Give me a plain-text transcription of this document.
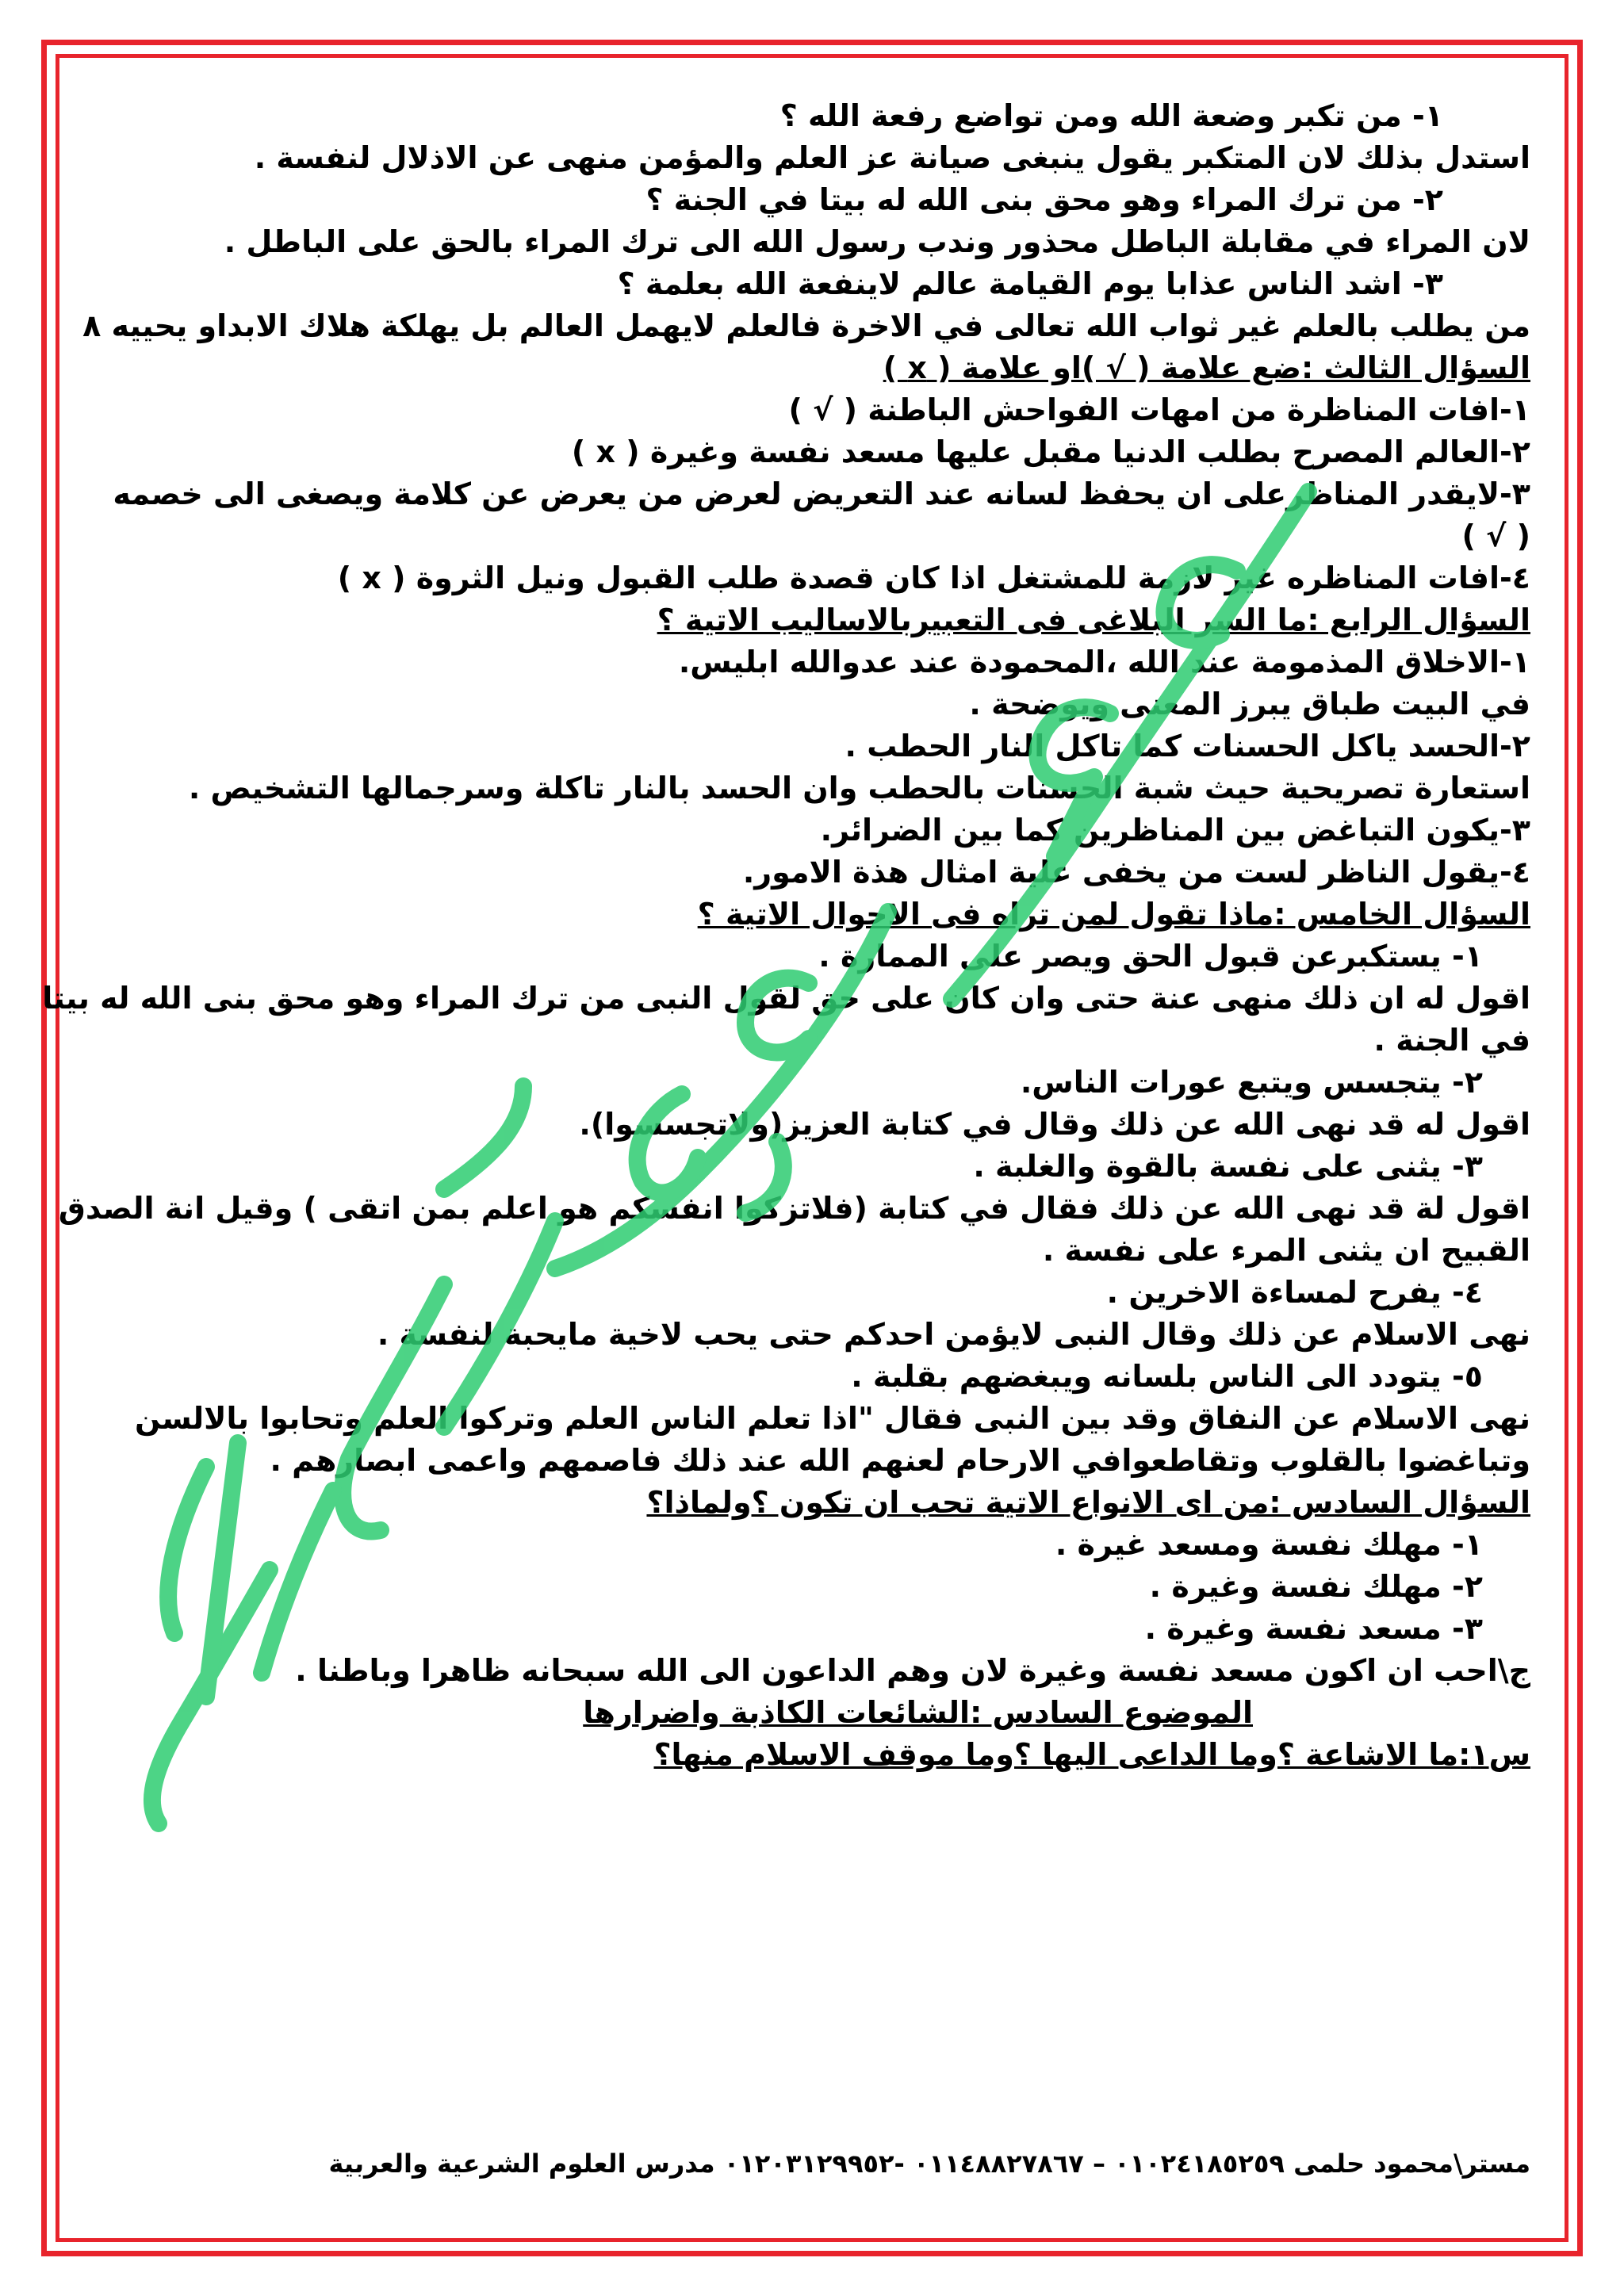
١- من تكبر وضعة الله ومن تواضع رفعة الله ؟
استدل بذلك لان المتكبر يقول ينبغى صيانة عز العلم والمؤمن منهى عن الاذلال لنفسة .
٢- من ترك المراء وهو محق بنى الله له بيتا في الجنة ؟
لان المراء في مقابلة الباطل محذور وندب رسول الله الى ترك المراء بالحق على الباطل .
٣- اشد الناس عذابا يوم القيامة عالم لاينفعة الله بعلمة ؟
من يطلب بالعلم غير ثواب الله تعالى في الاخرة فالعلم لايهمل العالم بل يهلكة هلاك الابداو يحييه ٨
السؤال الثالث :ضع علامة ( √ )او علامة ( x )
١-افات المناظرة من امهات الفواحش الباطنة ( √ )
٢-العالم المصرح بطلب الدنيا مقبل عليها مسعد نفسة وغيرة ( x )
٣-لايقدر المناظرعلى ان يحفظ لسانه عند التعريض لعرض من يعرض عن كلامة ويصغى الى خصمه
( √ )
٤-افات المناظره غير لازمة للمشتغل اذا كان قصدة طلب القبول ونيل الثروة ( x )
السؤال الرابع :ما السر البلاغى فى التعبيربالاساليب الاتية ؟
١-الاخلاق المذمومة عند الله ،المحمودة عند عدوالله ابليس.
في البيت طباق يبرز المعنى ويوضحة .
٢-الحسد ياكل الحسنات كما تاكل النار الحطب .
استعارة تصريحية حيث شبة الحسنات بالحطب وان الحسد بالنار تاكلة وسرجمالها التشخيص .
٣-يكون التباغض بين المناظرين كما بين الضرائر.
٤-يقول الناظر لست من يخفى علية امثال هذة الامور.
السؤال الخامس :ماذا تقول لمن تراه فى الاحوال الاتية ؟
١- يستكبرعن قبول الحق ويصر على الممارة .
اقول له ان ذلك منهى عنة حتى وان كان على حق لقول النبى من ترك المراء وهو محق بنى الله له بيتا
في الجنة .
٢- يتجسس ويتبع عورات الناس.
اقول له قد نهى الله عن ذلك وقال في كتابة العزيز(ولاتجسسوا).
٣- يثنى على نفسة بالقوة والغلبة .
اقول لة قد نهى الله عن ذلك فقال في كتابة (فلاتزكوا انفسكم هو اعلم بمن اتقى ) وقيل انة الصدق
القبيح ان يثنى المرء على نفسة .
٤- يفرح لمساءة الاخرين .
نهى الاسلام عن ذلك وقال النبى لايؤمن احدكم حتى يحب لاخية مايحبة لنفسة .
٥- يتودد الى الناس بلسانه ويبغضهم بقلبة .
نهى الاسلام عن النفاق وقد بين النبى فقال "اذا تعلم الناس العلم وتركوا العلم وتحابوا بالالسن
وتباغضوا بالقلوب وتقاطعوافي الارحام لعنهم الله عند ذلك فاصمهم واعمى ابصارهم .
السؤال السادس :من اى الانواع الاتية تحب ان تكون ؟ولماذا؟
١- مهلك نفسة ومسعد غيرة .
٢- مهلك نفسة وغيرة .
٣- مسعد نفسة وغيرة .
ج\احب ان اكون مسعد نفسة وغيرة لان وهم الداعون الى الله سبحانه ظاهرا وباطنا .
الموضوع السادس :الشائعات الكاذبة واضرارها
س١:ما الاشاعة ؟وما الداعى اليها ؟وما موقف الاسلام منها؟
مستر\محمود حلمى ٠١٠٢٤١٨٥٢٥٩ – ٠١١٤٨٨٢٧٨٦٧ -٠١٢٠٣١٢٩٩٥٢ مدرس العلوم الشرعية والعربية
